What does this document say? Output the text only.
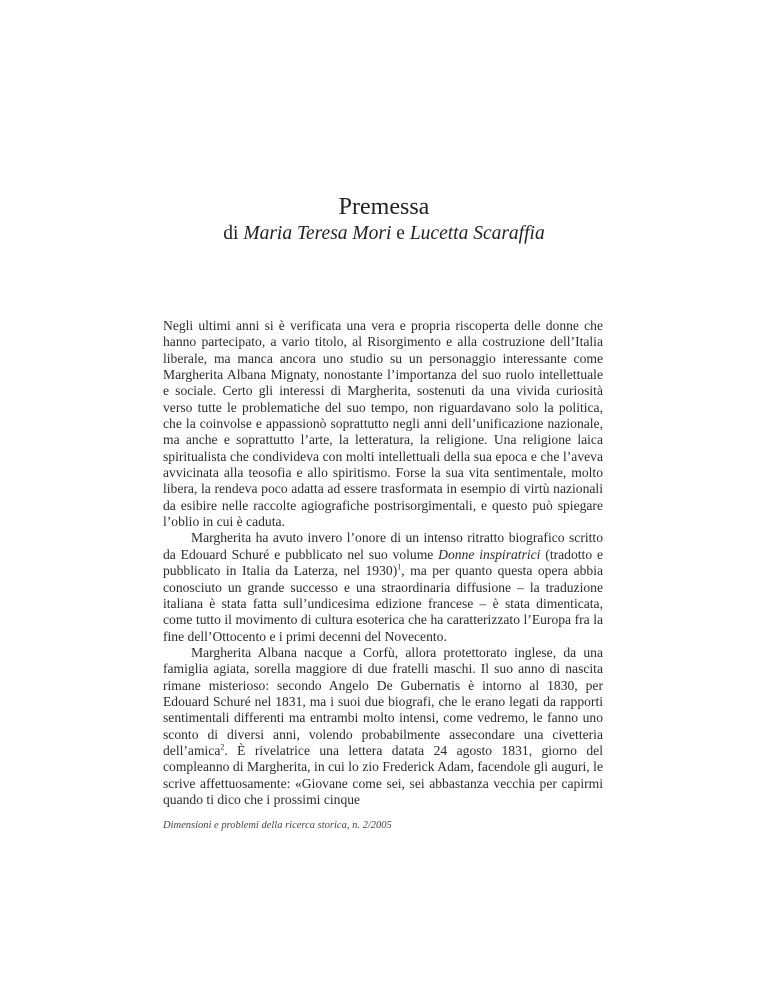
Premessa
di Maria Teresa Mori e Lucetta Scaraffia

Negli ultimi anni si è verificata una vera e propria riscoperta delle donne che hanno partecipato, a vario titolo, al Risorgimento e alla costruzione dell’Italia liberale, ma manca ancora uno studio su un personaggio interessante come Margherita Albana Mignaty, nonostante l’importanza del suo ruolo intellettuale e sociale. Certo gli interessi di Margherita, sostenuti da una vivida curiosità verso tutte le problematiche del suo tempo, non riguardavano solo la politica, che la coinvolse e appassionò soprattutto negli anni dell’unificazione nazionale, ma anche e soprattutto l’arte, la letteratura, la religione. Una religione laica spiritualista che condivideva con molti intellettuali della sua epoca e che l’aveva avvicinata alla teosofia e allo spiritismo. Forse la sua vita sentimentale, molto libera, la rendeva poco adatta ad essere trasformata in esempio di virtù nazionali da esibire nelle raccolte agiografiche postrisorgimentali, e questo può spiegare l’oblio in cui è caduta.

Margherita ha avuto invero l’onore di un intenso ritratto biografico scritto da Edouard Schuré e pubblicato nel suo volume Donne inspiratrici (tradotto e pubblicato in Italia da Laterza, nel 1930)$^1$, ma per quanto questa opera abbia conosciuto un grande successo e una straordinaria diffusione – la traduzione italiana è stata fatta sull’undicesima edizione francese – è stata dimenticata, come tutto il movimento di cultura esoterica che ha caratterizzato l’Europa fra la fine dell’Ottocento e i primi decenni del Novecento.

Margherita Albana nacque a Corfù, allora protettorato inglese, da una famiglia agiata, sorella maggiore di due fratelli maschi. Il suo anno di nascita rimane misterioso: secondo Angelo De Gubernatis è intorno al 1830, per Edouard Schuré nel 1831, ma i suoi due biografi, che le erano legati da rapporti sentimentali differenti ma entrambi molto intensi, come vedremo, le fanno uno sconto di diversi anni, volendo probabilmente assecondare una civetteria dell’amica$^2$. È rivelatrice una lettera datata 24 agosto 1831, giorno del compleanno di Margherita, in cui lo zio Frederick Adam, facendole gli auguri, le scrive affettuosamente: «Giovane come sei, sei abbastanza vecchia per capirmi quando ti dico che i prossimi cinque

Dimensioni e problemi della ricerca storica, n. 2/2005
